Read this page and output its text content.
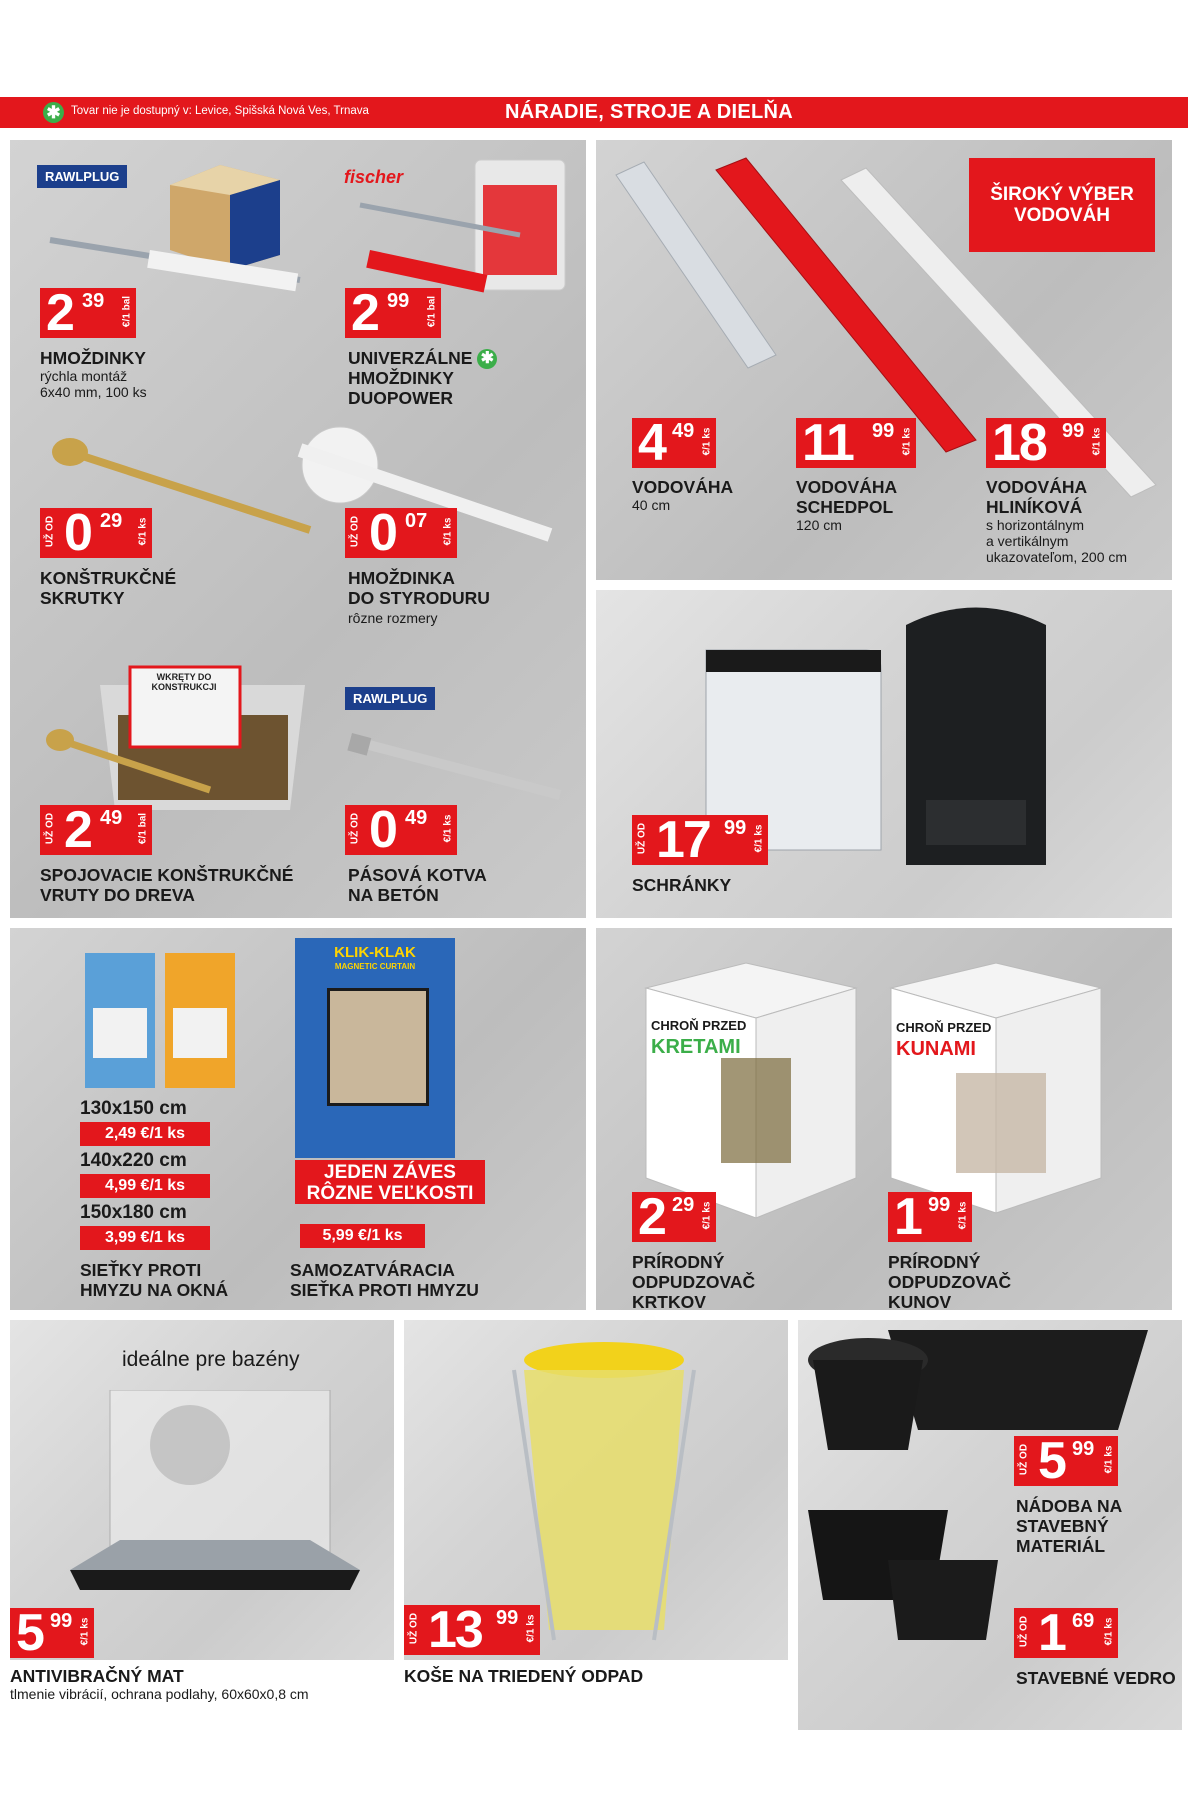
✱ Tovar nie je dostupný v: Levice, Spišská Nová Ves, Trnava	NÁRADIE, STROJE A DIELŇA
RAWLPLUG
2 39 €/1 bal
HMOŽDINKY
rýchla montáž
6x40 mm, 100 ks
fischer
2 99 €/1 bal
UNIVERZÁLNE ✱
HMOŽDINKY
DUOPOWER
UŽ OD 0 29 €/1 ks
KONŠTRUKČNÉ
SKRUTKY
UŽ OD 0 07 €/1 ks
HMOŽDINKA
DO STYRODURU
rôzne rozmery
WKRĘTY DO KONSTRUKCJI
UŽ OD 2 49 €/1 bal
SPOJOVACIE KONŠTRUKČNÉ
VRUTY DO DREVA
RAWLPLUG
UŽ OD 0 49 €/1 ks
PÁSOVÁ KOTVA
NA BETÓN
ŠIROKÝ VÝBER
VODOVÁH
4 49 €/1 ks
VODOVÁHA
40 cm
11 99 €/1 ks
VODOVÁHA
SCHEDPOL
120 cm
18 99 €/1 ks
VODOVÁHA
HLINÍKOVÁ
s horizontálnym
a vertikálnym
ukazovateľom, 200 cm
UŽ OD 17 99 €/1 ks
SCHRÁNKY
130x150 cm
2,49 €/1 ks
140x220 cm
4,99 €/1 ks
150x180 cm
3,99 €/1 ks
SIEŤKY PROTI
HMYZU NA OKNÁ
KLIK-KLAK
MAGNETIC CURTAIN
JEDEN ZÁVES
RÔZNE VEĽKOSTI
5,99 €/1 ks
SAMOZATVÁRACIA
SIEŤKA PROTI HMYZU
CHROŇ PRZED
KRETAMI
CHROŇ PRZED
KUNAMI
2 29 €/1 ks
PRÍRODNÝ
ODPUDZOVAČ
KRTKOV
1 99 €/1 ks
PRÍRODNÝ
ODPUDZOVAČ
KUNOV
ideálne pre bazény
5 99 €/1 ks
ANTIVIBRAČNÝ MAT
tlmenie vibrácií, ochrana podlahy, 60x60x0,8 cm
UŽ OD 13 99 €/1 ks
KOŠE NA TRIEDENÝ ODPAD
UŽ OD 5 99 €/1 ks
NÁDOBA NA
STAVEBNÝ
MATERIÁL
UŽ OD 1 69 €/1 ks
STAVEBNÉ VEDRO
